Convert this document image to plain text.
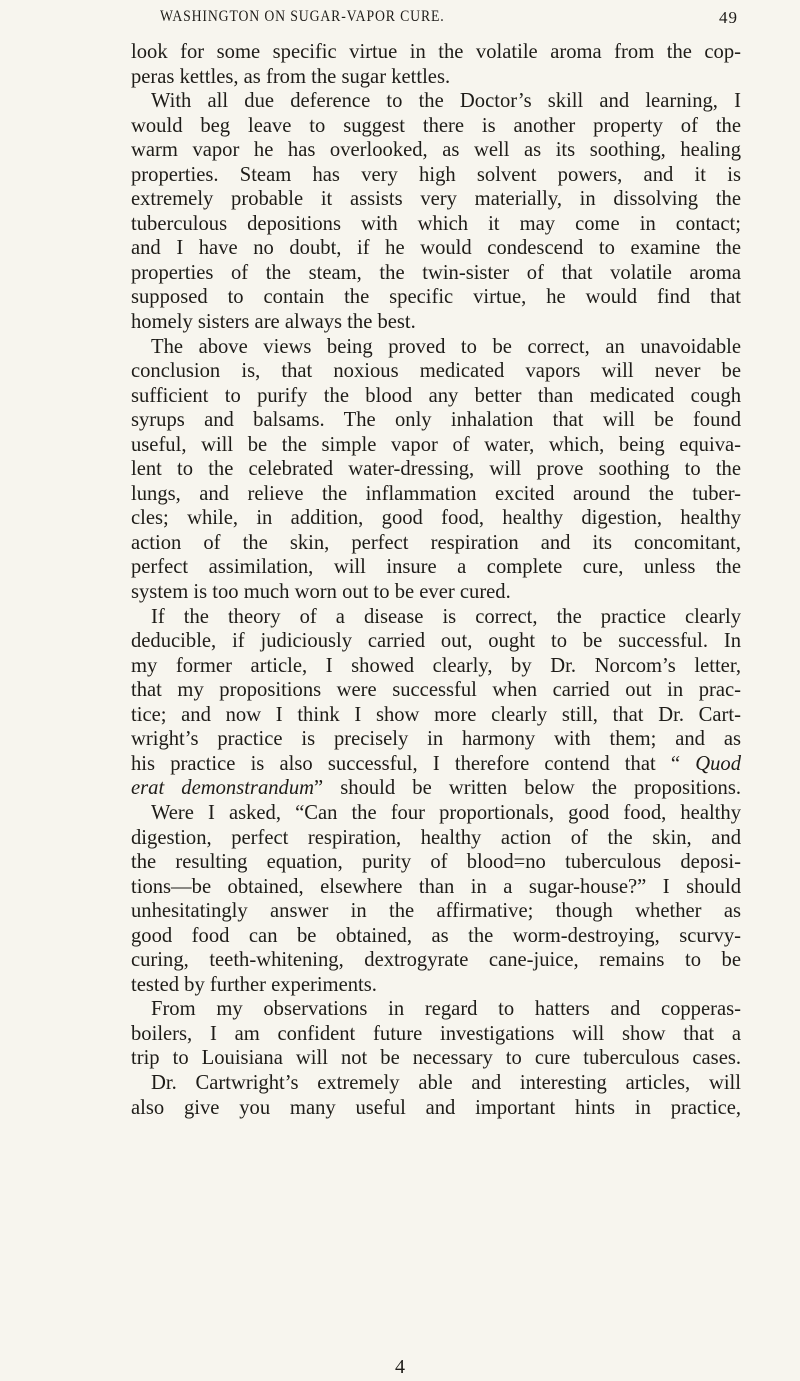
WASHINGTON ON SUGAR-VAPOR CURE.	49
look for some specific virtue in the volatile aroma from the cop-
peras kettles, as from the sugar kettles.
With all due deference to the Doctor’s skill and learning, I
would beg leave to suggest there is another property of the
warm vapor he has overlooked, as well as its soothing, healing
properties. Steam has very high solvent powers, and it is
extremely probable it assists very materially, in dissolving the
tuberculous depositions with which it may come in contact;
and I have no doubt, if he would condescend to examine the
properties of the steam, the twin-sister of that volatile aroma
supposed to contain the specific virtue, he would find that
homely sisters are always the best.
The above views being proved to be correct, an unavoidable
conclusion is, that noxious medicated vapors will never be
sufficient to purify the blood any better than medicated cough
syrups and balsams. The only inhalation that will be found
useful, will be the simple vapor of water, which, being equiva-
lent to the celebrated water-dressing, will prove soothing to the
lungs, and relieve the inflammation excited around the tuber-
cles; while, in addition, good food, healthy digestion, healthy
action of the skin, perfect respiration and its concomitant,
perfect assimilation, will insure a complete cure, unless the
system is too much worn out to be ever cured.
If the theory of a disease is correct, the practice clearly
deducible, if judiciously carried out, ought to be successful. In
my former article, I showed clearly, by Dr. Norcom’s letter,
that my propositions were successful when carried out in prac-
tice; and now I think I show more clearly still, that Dr. Cart-
wright’s practice is precisely in harmony with them; and as
his practice is also successful, I therefore contend that “ Quod
erat demonstrandum” should be written below the propositions.
Were I asked, “Can the four proportionals, good food, healthy
digestion, perfect respiration, healthy action of the skin, and
the resulting equation, purity of blood=no tuberculous deposi-
tions—be obtained, elsewhere than in a sugar-house?” I should
unhesitatingly answer in the affirmative; though whether as
good food can be obtained, as the worm-destroying, scurvy-
curing, teeth-whitening, dextrogyrate cane-juice, remains to be
tested by further experiments.
From my observations in regard to hatters and copperas-
boilers, I am confident future investigations will show that a
trip to Louisiana will not be necessary to cure tuberculous cases.
Dr. Cartwright’s extremely able and interesting articles, will
also give you many useful and important hints in practice,
4
